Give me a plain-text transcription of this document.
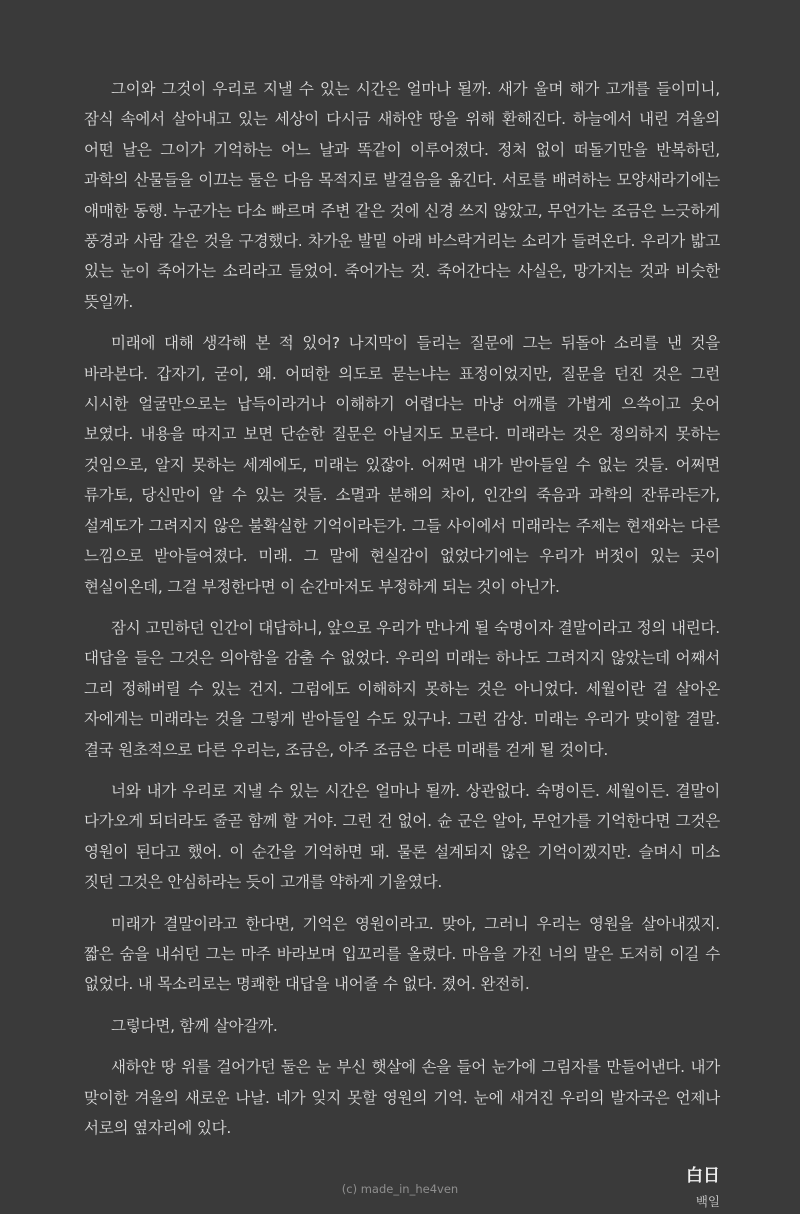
그이와 그것이 우리로 지낼 수 있는 시간은 얼마나 될까. 새가 울며 해가 고개를 들이미니, 잠식 속에서 살아내고 있는 세상이 다시금 새하얀 땅을 위해 환해진다. 하늘에서 내린 겨울의 어떤 날은 그이가 기억하는 어느 날과 똑같이 이루어졌다. 정처 없이 떠돌기만을 반복하던, 과학의 산물들을 이끄는 둘은 다음 목적지로 발걸음을 옮긴다. 서로를 배려하는 모양새라기에는 애매한 동행. 누군가는 다소 빠르며 주변 같은 것에 신경 쓰지 않았고, 무언가는 조금은 느긋하게 풍경과 사람 같은 것을 구경했다. 차가운 발밑 아래 바스락거리는 소리가 들려온다. 우리가 밟고 있는 눈이 죽어가는 소리라고 들었어. 죽어가는 것. 죽어간다는 사실은, 망가지는 것과 비슷한 뜻일까.

미래에 대해 생각해 본 적 있어? 나지막이 들리는 질문에 그는 뒤돌아 소리를 낸 것을 바라본다. 갑자기, 굳이, 왜. 어떠한 의도로 묻는냐는 표정이었지만, 질문을 던진 것은 그런 시시한 얼굴만으로는 납득이라거나 이해하기 어렵다는 마냥 어깨를 가볍게 으쓱이고 웃어 보였다. 내용을 따지고 보면 단순한 질문은 아닐지도 모른다. 미래라는 것은 정의하지 못하는 것임으로, 알지 못하는 세계에도, 미래는 있잖아. 어쩌면 내가 받아들일 수 없는 것들. 어쩌면 류가토, 당신만이 알 수 있는 것들. 소멸과 분해의 차이, 인간의 죽음과 과학의 잔류라든가, 설계도가 그려지지 않은 불확실한 기억이라든가. 그들 사이에서 미래라는 주제는 현재와는 다른 느낌으로 받아들여졌다. 미래. 그 말에 현실감이 없었다기에는 우리가 버젓이 있는 곳이 현실이온데, 그걸 부정한다면 이 순간마저도 부정하게 되는 것이 아닌가.

잠시 고민하던 인간이 대답하니, 앞으로 우리가 만나게 될 숙명이자 결말이라고 정의 내린다. 대답을 들은 그것은 의아함을 감출 수 없었다. 우리의 미래는 하나도 그려지지 않았는데 어째서 그리 정해버릴 수 있는 건지. 그럼에도 이해하지 못하는 것은 아니었다. 세월이란 걸 살아온 자에게는 미래라는 것을 그렇게 받아들일 수도 있구나. 그런 감상. 미래는 우리가 맞이할 결말. 결국 원초적으로 다른 우리는, 조금은, 아주 조금은 다른 미래를 걷게 될 것이다.

너와 내가 우리로 지낼 수 있는 시간은 얼마나 될까. 상관없다. 숙명이든. 세월이든. 결말이 다가오게 되더라도 줄곧 함께 할 거야. 그런 건 없어. 슌 군은 알아, 무언가를 기억한다면 그것은 영원이 된다고 했어. 이 순간을 기억하면 돼. 물론 설계되지 않은 기억이겠지만. 슬며시 미소 짓던 그것은 안심하라는 듯이 고개를 약하게 기울였다.

미래가 결말이라고 한다면, 기억은 영원이라고. 맞아, 그러니 우리는 영원을 살아내겠지. 짧은 숨을 내쉬던 그는 마주 바라보며 입꼬리를 올렸다. 마음을 가진 너의 말은 도저히 이길 수 없었다. 내 목소리로는 명쾌한 대답을 내어줄 수 없다. 졌어. 완전히.

그렇다면, 함께 살아갈까.

새하얀 땅 위를 걸어가던 둘은 눈 부신 햇살에 손을 들어 눈가에 그림자를 만들어낸다. 내가 맞이한 겨울의 새로운 나날. 네가 잊지 못할 영원의 기억. 눈에 새겨진 우리의 발자국은 언제나 서로의 옆자리에 있다.

白日
백일
(c) made_in_he4ven
